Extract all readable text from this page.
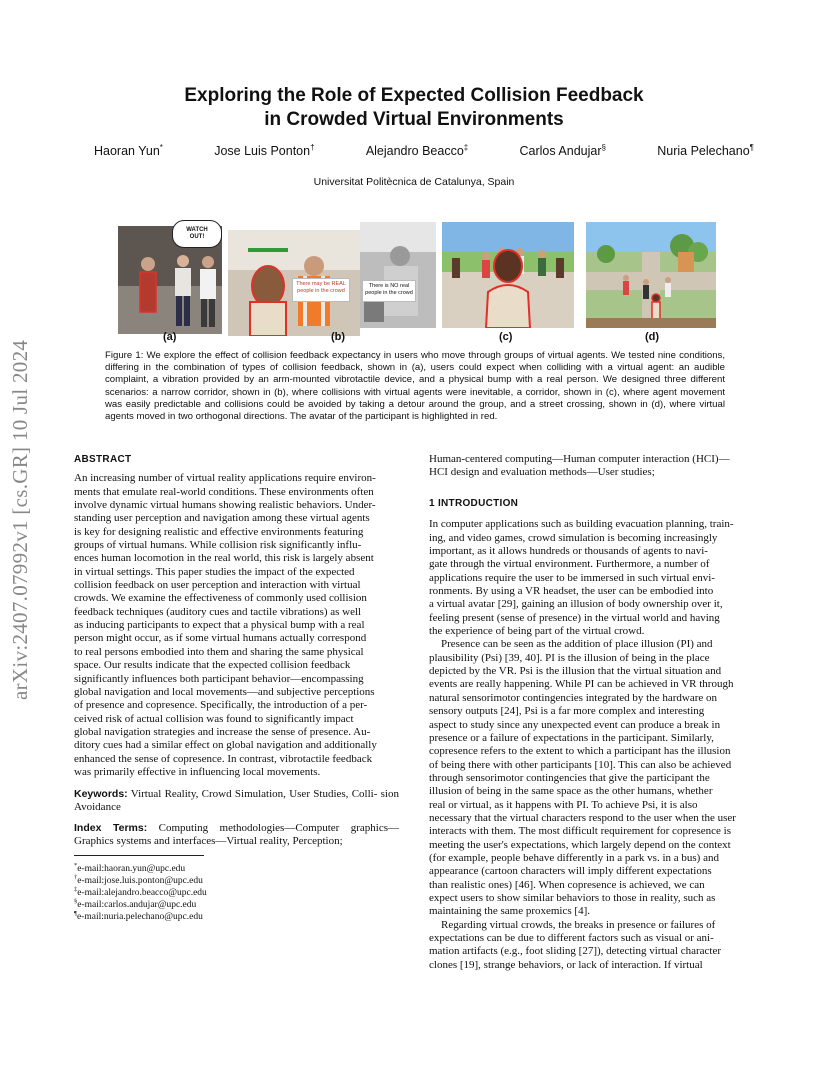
arXiv:2407.07992v1 [cs.GR] 10 Jul 2024
Exploring the Role of Expected Collision Feedback
in Crowded Virtual Environments
Haoran Yun*	Jose Luis Ponton†	Alejandro Beacco‡	Carlos Andujar§	Nuria Pelechano¶
Universitat Politècnica de Catalunya, Spain
WATCH OUT!
There may be REAL people in the crowd
There is NO real people in the crowd
(a)	(b)	(c)	(d)
Figure 1: We explore the effect of collision feedback expectancy in users who move through groups of virtual agents. We tested nine conditions, differing in the combination of types of collision feedback, shown in (a), users could expect when colliding with a virtual agent: an audible complaint, a vibration provided by an arm-mounted vibrotactile device, and a physical bump with a real person. We designed three different scenarios: a narrow corridor, shown in (b), where collisions with virtual agents were inevitable, a corridor, shown in (c), where agent movement was easily predictable and collisions could be avoided by taking a detour around the group, and a street crossing, shown in (d), where virtual agents moved in two orthogonal directions. The avatar of the participant is highlighted in red.
ABSTRACT
An increasing number of virtual reality applications require environ-
ments that emulate real-world conditions. These environments often
involve dynamic virtual humans showing realistic behaviors. Under-
standing user perception and navigation among these virtual agents
is key for designing realistic and effective environments featuring
groups of virtual humans. While collision risk significantly influ-
ences human locomotion in the real world, this risk is largely absent
in virtual settings. This paper studies the impact of the expected
collision feedback on user perception and interaction with virtual
crowds. We examine the effectiveness of commonly used collision
feedback techniques (auditory cues and tactile vibrations) as well
as inducing participants to expect that a physical bump with a real
person might occur, as if some virtual humans actually correspond
to real persons embodied into them and sharing the same physical
space. Our results indicate that the expected collision feedback
significantly influences both participant behavior—encompassing
global navigation and local movements—and subjective perceptions
of presence and copresence. Specifically, the introduction of a per-
ceived risk of actual collision was found to significantly impact
global navigation strategies and increase the sense of presence. Au-
ditory cues had a similar effect on global navigation and additionally
enhanced the sense of copresence. In contrast, vibrotactile feedback
was primarily effective in influencing local movements.
Keywords: Virtual Reality, Crowd Simulation, User Studies, Colli- sion Avoidance
Index Terms: Computing methodologies—Computer graphics— Graphics systems and interfaces—Virtual reality, Perception;
*e-mail:haoran.yun@upc.edu
†e-mail:jose.luis.ponton@upc.edu
‡e-mail:alejandro.beacco@upc.edu
§e-mail:carlos.andujar@upc.edu
¶e-mail:nuria.pelechano@upc.edu
Human-centered computing—Human computer interaction (HCI)—
HCI design and evaluation methods—User studies;
1 INTRODUCTION
In computer applications such as building evacuation planning, train-
ing, and video games, crowd simulation is becoming increasingly
important, as it allows hundreds or thousands of agents to navi-
gate through the virtual environment. Furthermore, a number of
applications require the user to be immersed in such virtual envi-
ronments. By using a VR headset, the user can be embodied into
a virtual avatar [29], gaining an illusion of body ownership over it,
feeling present (sense of presence) in the virtual world and having
the experience of being part of the virtual crowd.
Presence can be seen as the addition of place illusion (PI) and
plausibility (Psi) [39, 40]. PI is the illusion of being in the place
depicted by the VR. Psi is the illusion that the virtual situation and
events are really happening. While PI can be achieved in VR through
natural sensorimotor contingencies integrated by the hardware on
sensory outputs [24], Psi is a far more complex and interesting
aspect to study since any unexpected event can produce a break in
presence or a failure of expectations in the participant. Similarly,
copresence refers to the extent to which a participant has the illusion
of being there with other participants [10]. This can also be achieved
through sensorimotor contingencies that give the participant the
illusion of being in the same space as the other humans, whether
real or virtual, as it happens with PI. To achieve Psi, it is also
necessary that the virtual characters respond to the user when the user
interacts with them. The most difficult requirement for copresence is
meeting the user's expectations, which largely depend on the context
(for example, people behave differently in a park vs. in a bus) and
appearance (cartoon characters will imply different expectations
than realistic ones) [46]. When copresence is achieved, we can
expect users to show similar behaviors to those in reality, such as
maintaining the same proxemics [4].
Regarding virtual crowds, the breaks in presence or failures of
expectations can be due to different factors such as visual or ani-
mation artifacts (e.g., foot sliding [27]), detecting virtual character
clones [19], strange behaviors, or lack of interaction. If virtual
